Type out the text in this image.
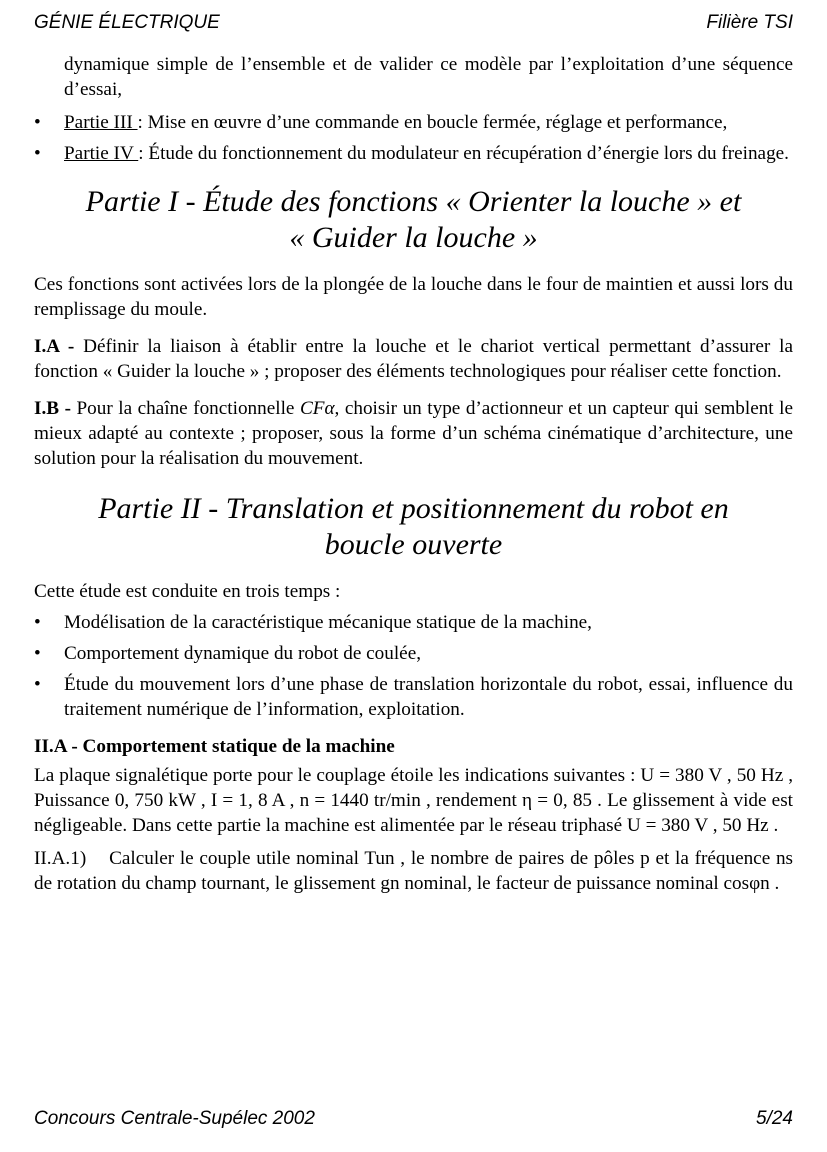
GÉNIE ÉLECTRIQUE	Filière TSI

dynamique simple de l’ensemble et de valider ce modèle par l’exploitation d’une séquence d’essai,

• Partie III : Mise en œuvre d’une commande en boucle fermée, réglage et performance,
• Partie IV : Étude du fonctionnement du modulateur en récupération d’énergie lors du freinage.
Partie I - Étude des fonctions « Orienter la louche » et
« Guider la louche »

Ces fonctions sont activées lors de la plongée de la louche dans le four de maintien et aussi lors du remplissage du moule.

I.A - Définir la liaison à établir entre la louche et le chariot vertical permettant d’assurer la fonction « Guider la louche » ; proposer des éléments technologiques pour réaliser cette fonction.

I.B - Pour la chaîne fonctionnelle CFα, choisir un type d’actionneur et un capteur qui semblent le mieux adapté au contexte ; proposer, sous la forme d’un schéma cinématique d’architecture, une solution pour la réalisation du mouvement.

Partie II - Translation et positionnement du robot en
boucle ouverte

Cette étude est conduite en trois temps :

• Modélisation de la caractéristique mécanique statique de la machine,
• Comportement dynamique du robot de coulée,
• Étude du mouvement lors d’une phase de translation horizontale du robot, essai, influence du traitement numérique de l’information, exploitation.

II.A - Comportement statique de la machine

La plaque signalétique porte pour le couplage étoile les indications suivantes : U = 380 V , 50 Hz , Puissance 0, 750 kW , I = 1, 8 A , n = 1440 tr/min , rendement η = 0, 85 . Le glissement à vide est négligeable. Dans cette partie la machine est alimentée par le réseau triphasé U = 380 V , 50 Hz .

II.A.1) Calculer le couple utile nominal Tun , le nombre de paires de pôles p et la fréquence ns de rotation du champ tournant, le glissement gn nominal, le facteur de puissance nominal cosφn .

Concours Centrale-Supélec 2002	5/24
